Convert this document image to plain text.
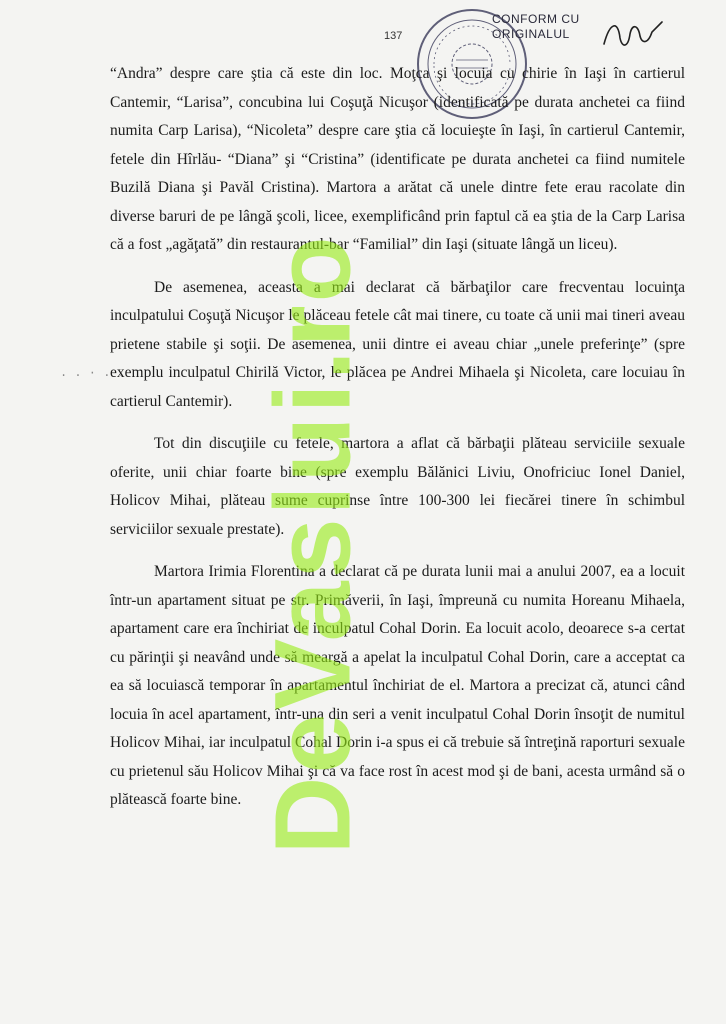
137
CONFORM CU
ORIGINALUL
. . · . .

“Andra” despre care ştia că este din loc. Moţca şi locuia cu chirie în Iaşi în cartierul Cantemir, “Larisa”, concubina lui Coşuţă Nicuşor (identificată pe durata anchetei ca fiind numita Carp Larisa), “Nicoleta” despre care ştia că locuieşte în Iaşi, în cartierul Cantemir, fetele din Hîrlău- “Diana” şi “Cristina” (identificate pe durata anchetei ca fiind numitele Buzilă Diana şi Pavăl Cristina). Martora a arătat că unele dintre fete erau racolate din diverse baruri de pe lângă şcoli, licee, exemplificând prin faptul că ea ştia de la Carp Larisa că a fost „agăţată” din restaurantul-bar “Familial” din Iaşi (situate lângă un liceu).

De asemenea, aceasta a mai declarat că bărbaţilor care frecventau locuinţa inculpatului Coşuţă Nicuşor le plăceau fetele cât mai tinere, cu toate că unii mai tineri aveau prietene stabile şi soţii. De asemenea, unii dintre ei aveau chiar „unele preferinţe” (spre exemplu inculpatul Chirilă Victor, le plăcea pe Andrei Mihaela şi Nicoleta, care locuiau în cartierul Cantemir).

Tot din discuţiile cu fetele, martora a aflat că bărbaţii plăteau serviciile sexuale oferite, unii chiar foarte bine (spre exemplu Bălănici Liviu, Onofriciuc Ionel Daniel, Holicov Mihai, plăteau sume cuprinse între 100-300 lei fiecărei tinere în schimbul serviciilor sexuale prestate).

Martora Irimia Florentina a declarat că pe durata lunii mai a anului 2007, ea a locuit într-un apartament situat pe str. Primăverii, în Iaşi, împreună cu numita Horeanu Mihaela, apartament care era închiriat de inculpatul Cohal Dorin. Ea locuit acolo, deoarece s-a certat cu părinţii şi neavând unde să meargă a apelat la inculpatul Cohal Dorin, care a acceptat ca ea să locuiască temporar în apartamentul închiriat de el. Martora a precizat că, atunci când locuia în acel apartament, într-una din seri a venit inculpatul Cohal Dorin însoţit de numitul Holicov Mihai, iar inculpatul Cohal Dorin i-a spus ei că trebuie să întreţină raporturi sexuale cu prietenul său Holicov Mihai şi că va face rost în acest mod şi de bani, acesta urmând să o plătească foarte bine. DeVaslui.ro
